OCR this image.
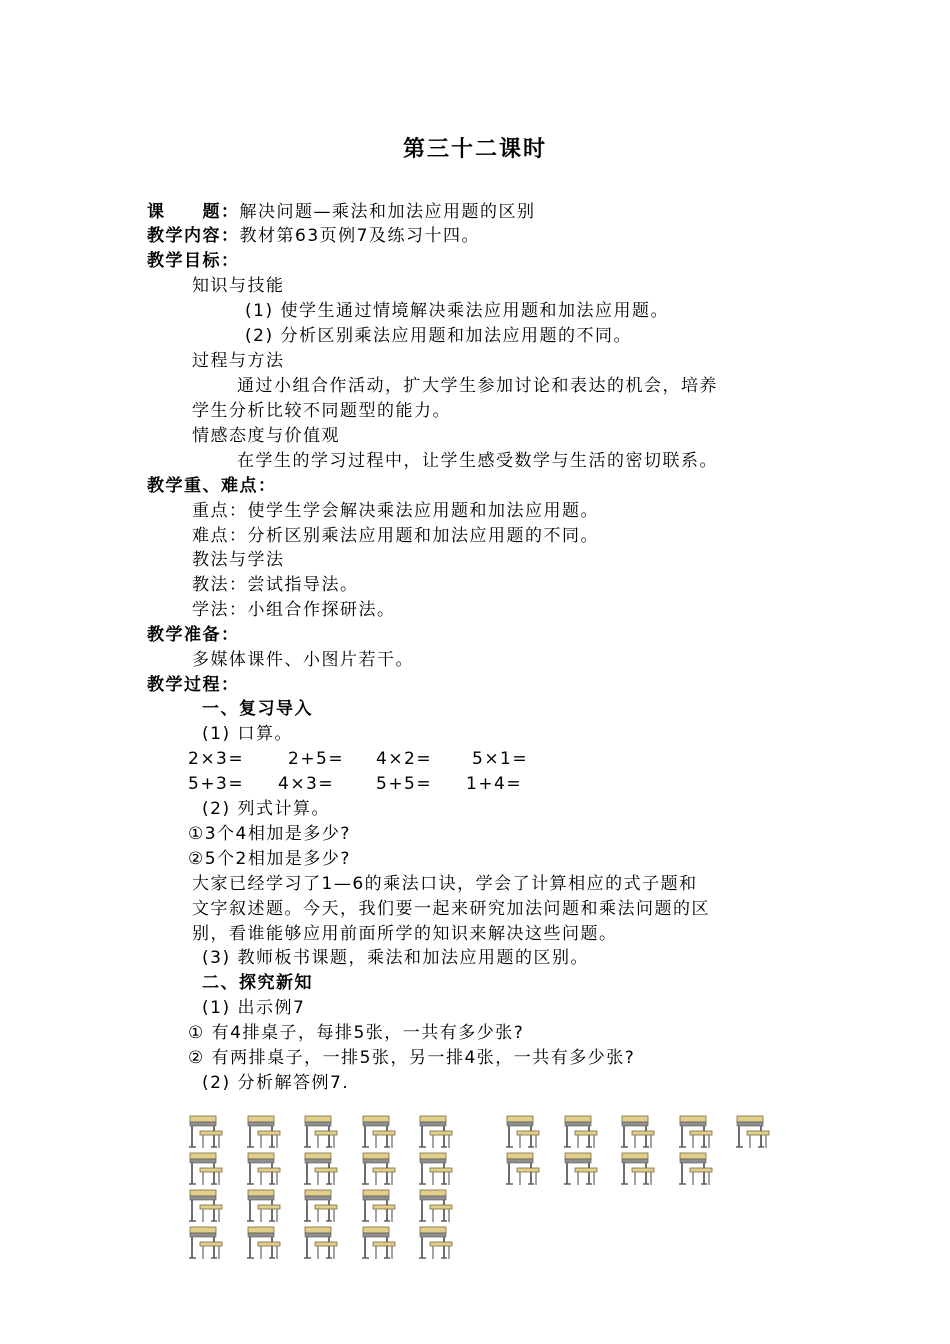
第三十二课时
课　　题：解决问题—乘法和加法应用题的区别
教学内容：教材第63页例7及练习十四。
教学目标：
知识与技能
(1) 使学生通过情境解决乘法应用题和加法应用题。
(2) 分析区别乘法应用题和加法应用题的不同。
过程与方法
通过小组合作活动，扩大学生参加讨论和表达的机会，培养
学生分析比较不同题型的能力。
情感态度与价值观
在学生的学习过程中，让学生感受数学与生活的密切联系。
教学重、难点：
重点：使学生学会解决乘法应用题和加法应用题。
难点：分析区别乘法应用题和加法应用题的不同。
教法与学法
教法：尝试指导法。
学法：小组合作探研法。
教学准备：
多媒体课件、小图片若干。
教学过程：
一、复习导入
(1) 口算。
2×3=	2+5= 4×2= 5×1=
5+3= 4×3= 5+5= 1+4=
(2) 列式计算。
①3个4相加是多少?
②5个2相加是多少?
大家已经学习了1—6的乘法口诀，学会了计算相应的式子题和
文字叙述题。今天，我们要一起来研究加法问题和乘法问题的区
别，看谁能够应用前面所学的知识来解决这些问题。
(3) 教师板书课题，乘法和加法应用题的区别。
二、探究新知
(1) 出示例7
① 有4排桌子，每排5张，一共有多少张?
② 有两排桌子，一排5张，另一排4张，一共有多少张?
(2) 分析解答例7.
